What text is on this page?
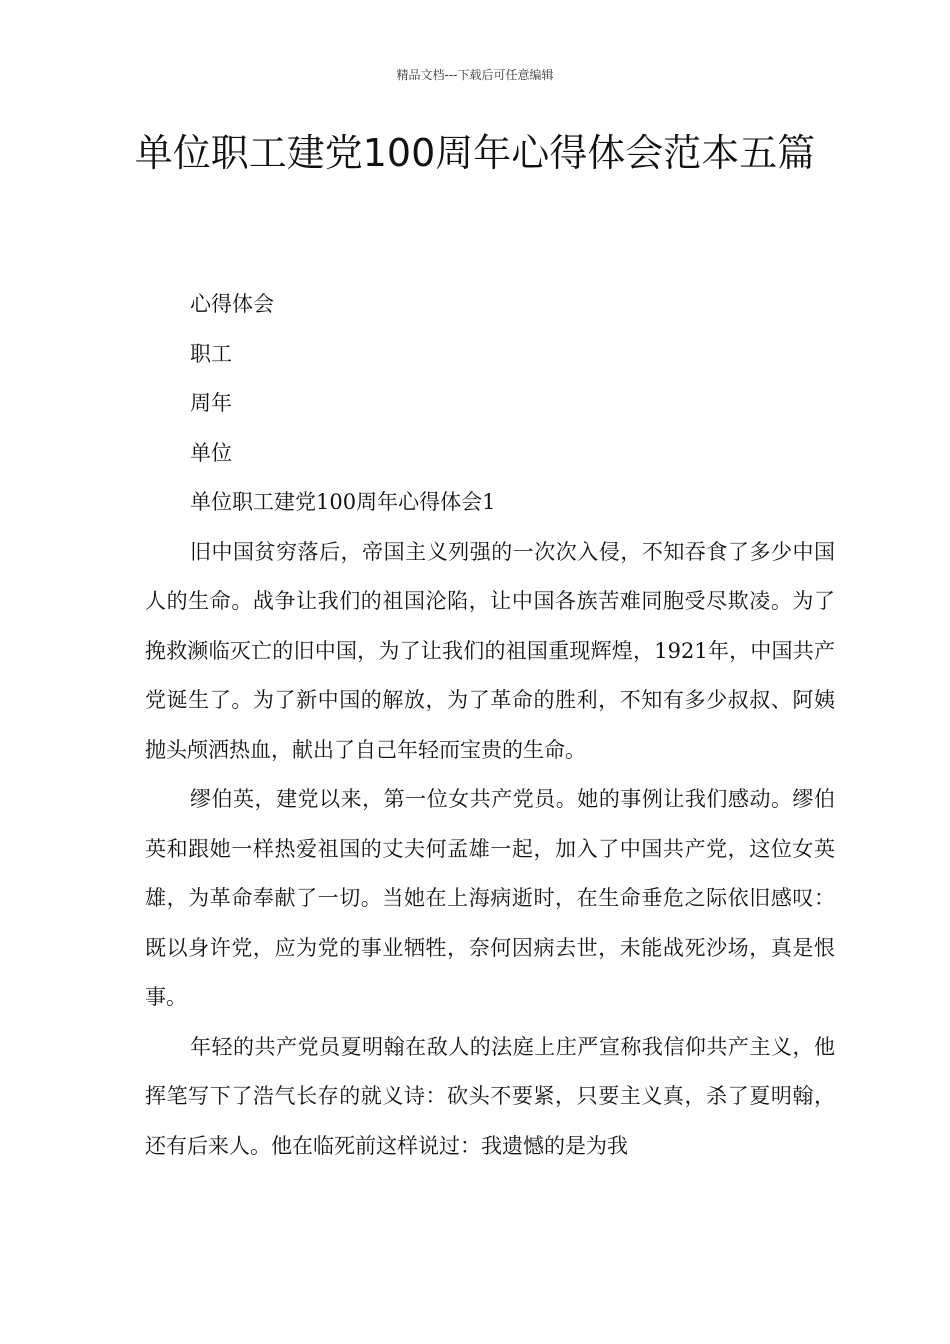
精品文档---下载后可任意编辑
单位职工建党100周年心得体会范本五篇

心得体会

职工

周年

单位

单位职工建党100周年心得体会1

旧中国贫穷落后，帝国主义列强的一次次入侵，不知吞食了多少中国人的生命。战争让我们的祖国沦陷，让中国各族苦难同胞受尽欺凌。为了挽救濒临灭亡的旧中国，为了让我们的祖国重现辉煌，1921年，中国共产党诞生了。为了新中国的解放，为了革命的胜利，不知有多少叔叔、阿姨抛头颅洒热血，献出了自己年轻而宝贵的生命。

缪伯英，建党以来，第一位女共产党员。她的事例让我们感动。缪伯英和跟她一样热爱祖国的丈夫何孟雄一起，加入了中国共产党，这位女英雄，为革命奉献了一切。当她在上海病逝时，在生命垂危之际依旧感叹：既以身许党，应为党的事业牺牲，奈何因病去世，未能战死沙场，真是恨事。

年轻的共产党员夏明翰在敌人的法庭上庄严宣称我信仰共产主义，他挥笔写下了浩气长存的就义诗：砍头不要紧，只要主义真，杀了夏明翰，还有后来人。他在临死前这样说过：我遗憾的是为我
